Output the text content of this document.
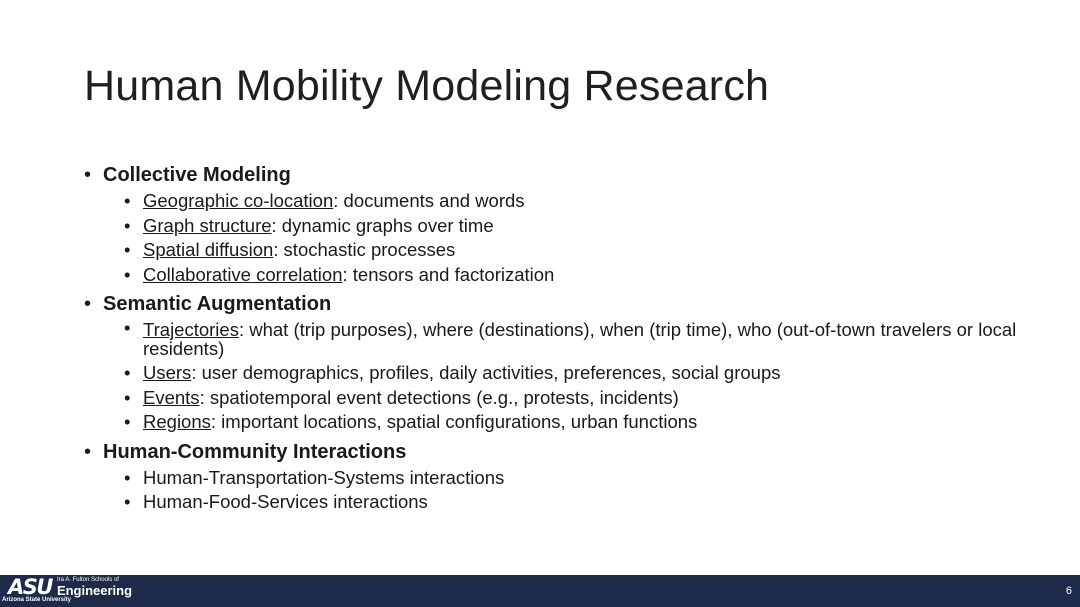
Human Mobility Modeling Research
• Collective Modeling
• Geographic co-location: documents and words
• Graph structure: dynamic graphs over time
• Spatial diffusion: stochastic processes
• Collaborative correlation: tensors and factorization
• Semantic Augmentation
• Trajectories: what (trip purposes), where (destinations), when (trip time), who (out-of-town travelers or local residents)
• Users: user demographics, profiles, daily activities, preferences, social groups
• Events: spatiotemporal event detections (e.g., protests, incidents)
• Regions: important locations, spatial configurations, urban functions
• Human-Community Interactions
• Human-Transportation-Systems interactions
• Human-Food-Services interactions
ASU Ira A. Fulton Schools of
Engineering
Arizona State University
6
